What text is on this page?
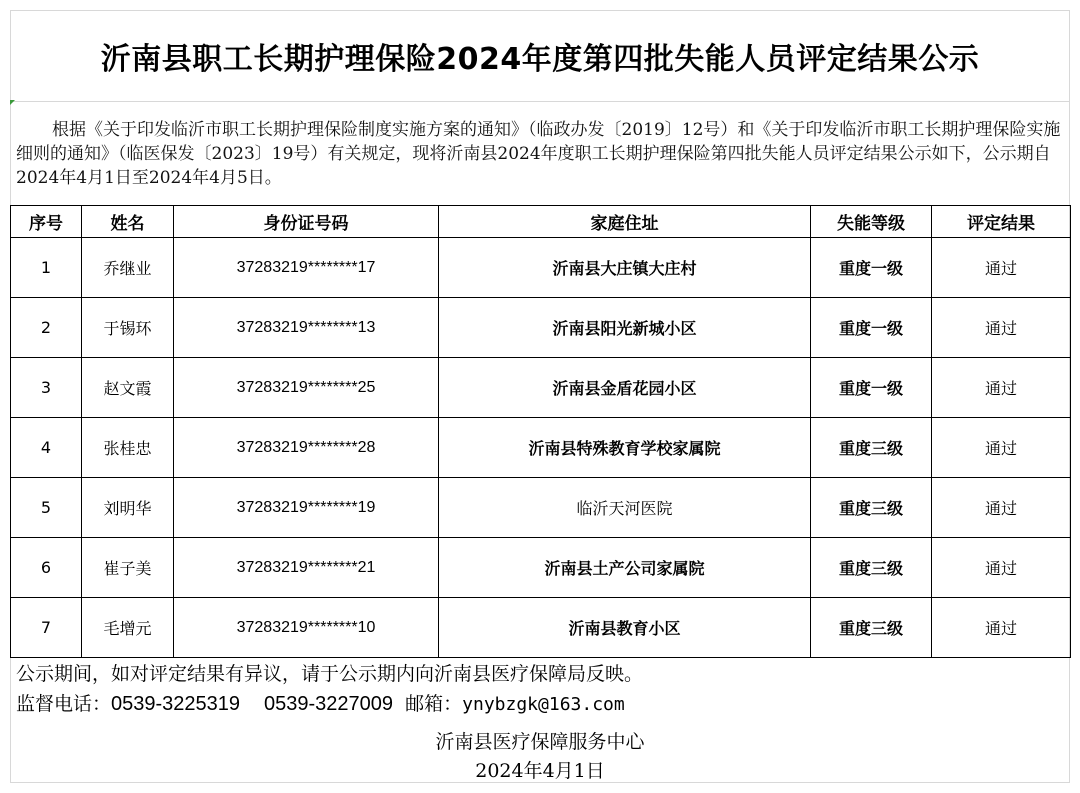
沂南县职工长期护理保险2024年度第四批失能人员评定结果公示

根据《关于印发临沂市职工长期护理保险制度实施方案的通知》（临政办发〔2019〕12号）和《关于印发临沂市职工长期护理保险实施细则的通知》（临医保发〔2023〕19号）有关规定，现将沂南县2024年度职工长期护理保险第四批失能人员评定结果公示如下，公示期自2024年4月1日至2024年4月5日。

序号	姓名	身份证号码	家庭住址	失能等级	评定结果
1	乔继业	37283219********17	沂南县大庄镇大庄村	重度一级	通过
2	于锡环	37283219********13	沂南县阳光新城小区	重度一级	通过
3	赵文霞	37283219********25	沂南县金盾花园小区	重度一级	通过
4	张桂忠	37283219********28	沂南县特殊教育学校家属院	重度三级	通过
5	刘明华	37283219********19	临沂天河医院	重度三级	通过
6	崔子美	37283219********21	沂南县土产公司家属院	重度三级	通过
7	毛增元	37283219********10	沂南县教育小区	重度三级	通过
公示期间，如对评定结果有异议，请于公示期内向沂南县医疗保障局反映。
监督电话：0539-3225319 0539-3227009 邮箱：ynybzgk@163.com
沂南县医疗保障服务中心
2024年4月1日
